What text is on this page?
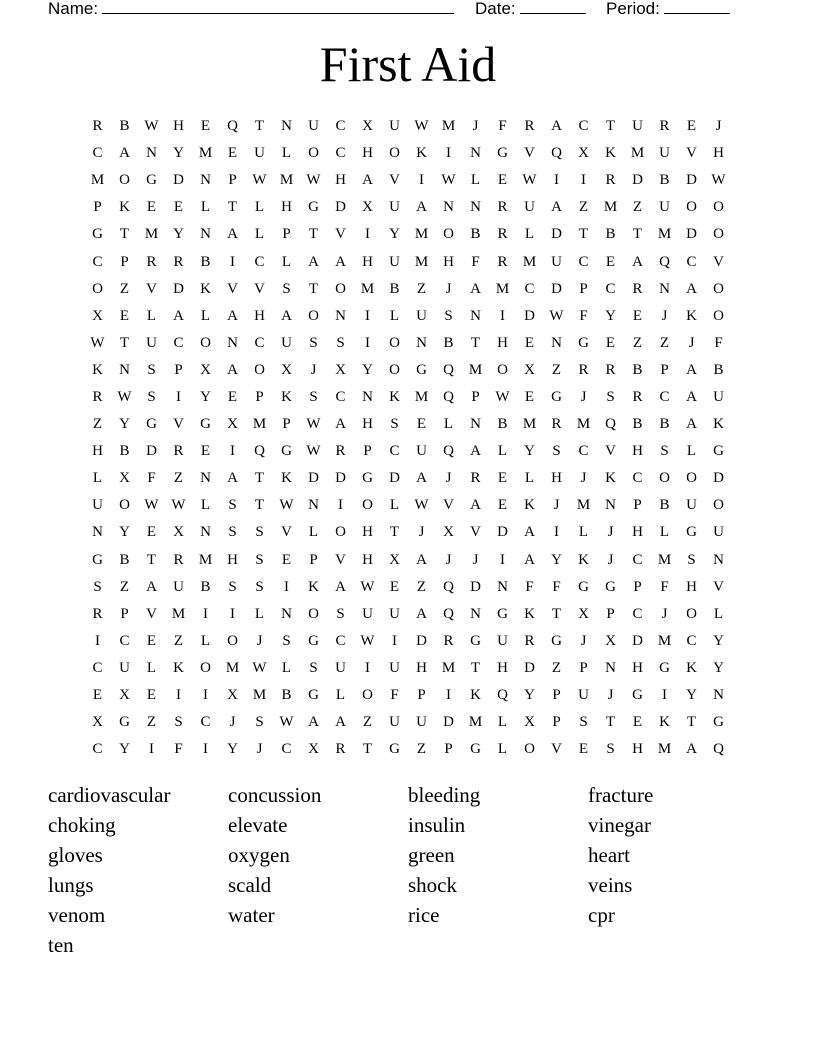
Name:	Date:	Period:
First Aid
R	B W H	E	Q	T	N	U	C	X	U W M	J	F	R	A	C	T	U	R	E	J
C	A	N	Y M	E	U	L	O	C	H	O	K	I	N	G	V	Q	X	K M U	V	H
M O	G	D	N	P	W M W H	A	V	I	W	L	E	W	I	I	R	D	B	D W
P	K	E	E	L	T	L	H	G	D	X	U	A	N	N	R	U	A	Z	M	Z	U	O	O
G	T	M Y	N	A	L	P	T	V	I	Y M O	B	R	L	D	T	B	T	M D	O
C	P	R	R	B	I	C	L	A	A	H	U M H	F	R	M U	C	E	A	Q	C	V
O	Z	V	D	K	V	V	S	T	O M	B	Z	J	A M	C	D	P	C	R	N	A	O
X	E	L	A	L	A	H	A	O	N	I	L	U	S	N	I	D W	F	Y	E	J	K	O
W	T	U	C	O	N	C	U	S	S	I	O	N	B	T	H	E	N	G	E	Z	Z	J	F
K	N	S	P	X	A	O	X	J	X	Y	O	G	Q M O	X	Z	R	R	B	P	A	B
R W	S	I	Y	E	P	K	S	C	N	K M Q	P	W	E	G	J	S	R	C	A	U
Z	Y	G	V	G	X M	P	W A	H	S	E	L	N	B	M	R	M Q	B	B	A	K
H	B	D	R	E	I	Q	G W R	P	C	U	Q	A	L	Y	S	C	V	H	S	L	G
L	X	F	Z	N	A	T	K	D	D	G	D	A	J	R	E	L	H	J	K	C	O	O	D
U	O W W	L	S	T	W N	I	O	L	W V	A	E	K	J	M N	P	B	U	O
N	Y	E	X	N	S	S	V	L	O	H	T	J	X	V	D	A	I	L	J	H	L	G	U
G	B	T	R	M H	S	E	P	V	H	X	A	J	J	I	A	Y	K	J	C	M	S	N
S	Z	A	U	B	S	S	I	K	A W	E	Z	Q	D	N	F	F	G	G	P	F	H	V
R	P	V M	I	I	L	N	O	S	U	U	A	Q	N	G	K	T	X	P	C	J	O	L
I	C	E	Z	L	O	J	S	G	C W	I	D	R	G	U	R	G	J	X	D M	C	Y
C	U	L	K	O M W	L	S	U	I	U	H M	T	H	D	Z	P	N	H	G	K	Y
E	X	E	I	I	X M	B	G	L	O	F	P	I	K	Q	Y	P	U	J	G	I	Y	N
X	G	Z	S	C	J	S	W A	A	Z	U	U	D M	L	X	P	S	T	E	K	T	G
C	Y	I	F	I	Y	J	C	X	R	T	G	Z	P	G	L	O	V	E	S	H M A	Q
cardiovascular	concussion	bleeding	fracture
choking	elevate	insulin	vinegar
gloves	oxygen	green	heart
lungs	scald	shock	veins
venom	water	rice	cpr
ten
